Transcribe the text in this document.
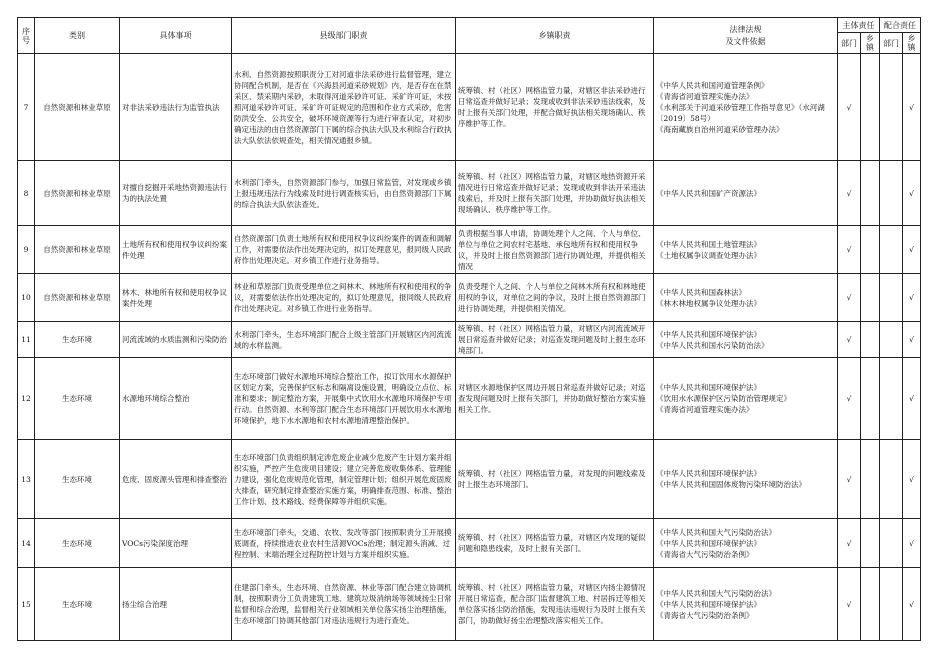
序号	类别	具体事项	县级部门职责	乡镇职责	法律法规
及文件依据	主体责任		配合责任	
						部门	乡镇	部门	乡镇
7	自然资源和林业草原	对非法采砂违法行为监管执法	水利、自然资源按照职责分工对河道非法采砂进行监督管理，建立协同配合机制，是否在《兴海县河道采砂规划》内，是否存在在禁采区、禁采期内采砂，未取得河道采砂许可证、采矿许可证，未按照河道采砂许可证、采矿许可证规定的范围和作业方式采砂，危害防洪安全、公共安全，破坏环境资源等行为进行审查认定，对初步确定违法的由自然资源部门下属的综合执法大队及水利综合行政执法大队依法依规查处，相关情况通报乡镇。	统筹镇、村（社区）网格监管力量，对辖区非法采砂进行日常巡查并做好记录；发现或收到非法采砂违法线索，及时上报有关部门处理，并配合做好执法相关现场确认、秩序维护等工作。	《中华人民共和国河道管理条例》
《青海省河道管理实施办法》
《水利部关于河道采砂管理工作指导意见》（水河湖〔2019〕58号）
《海南藏族自治州河道采砂管理办法》	√			√
8	自然资源和林业草原	对擅自挖掘开采地热资源违法行为的执法处置	水利部门牵头，自然资源部门参与，加强日常监管，对发现或乡镇上报违规违法行为线索及时进行调查核实后，由自然资源部门下属的综合执法大队依法查处。	统筹镇、村（社区）网格监管力量，对辖区地热资源开采情况进行日常巡查并做好记录；发现或收到非法开采违法线索后，并及时上报有关部门处理，并协助做好执法相关现场确认、秩序维护等工作。	《中华人民共和国矿产资源法》	√			√
9	自然资源和林业草原	土地所有权和使用权争议纠纷案件处理	自然资源部门负责土地所有权和使用权争议纠纷案件的调查和调解工作，对需要依法作出处理决定的，拟订处理意见，报同级人民政府作出处理决定。对乡镇工作进行业务指导。	负责根据当事人申请，协调处理个人之间、个人与单位、单位与单位之间农村宅基地、承包地所有权和使用权争议，并及时上报自然资源部门进行协调处理，并提供相关情况	《中华人民共和国土地管理法》
《土地权属争议调查处理办法》	√			√
10	自然资源和林业草原	林木、林地所有权和使用权争议案件处理	林业和草原部门负责受理单位之间林木、林地所有权和使用权的争议，对需要依法作出处理决定的，拟订处理意见，报同级人民政府作出处理决定。对乡镇工作进行业务指导。	负责受理个人之间、个人与单位之间林木所有权和林地使用权的争议，对单位之间的争议，及时上报自然资源部门进行协调处理，并提供相关情况。	《中华人民共和国森林法》
《林木林地权属争议处理办法》	√			√
11	生态环境	河流流域的水质监测和污染防治	水利部门牵头，生态环境部门配合上级主管部门开展辖区内河流流域的水样监测。	统筹镇、村（社区）网格监管力量，对辖区内河流流域开展日常巡查并做好记录；对巡查发现问题及时上报生态环境部门。	《中华人民共和国环境保护法》
《中华人民共和国水污染防治法》	√			√
12	生态环境	水源地环境综合整治	生态环境部门做好水源地环境综合整治工作，拟订饮用水水源保护区划定方案，完善保护区标志和隔离设施设置，明确设立点位、标准和要求；制定整治方案，开展集中式饮用水水源地环境保护专项行动。自然资源、水利等部门配合生态环境部门开展饮用水水源地环境保护，地下水水源地和农村水源地清理整治保护。	对辖区水源地保护区周边开展日常巡查并做好记录；对巡查发现问题及时上报有关部门，并协助做好整治方案实施相关工作。	《中华人民共和国环境保护法》
《饮用水水源保护区污染防治管理规定》
《青海省河道管理实施办法》	√			√
13	生态环境	危废、固废源头管理和排查整治	生态环境部门负责组织制定涉危废企业减少危废产生计划方案并组织实施，严控产生危废项目建设；建立完善危废收集体系、管理能力建设，强化危废规范化管理，制定管理计划；组织开展危废固废大排查，研究制定排查整治实施方案，明确排查范围、标准、整治工作计划、技术路线、经费保障等并组织实施。	统筹镇、村（社区）网格监管力量，对发现的问题线索及时上报生态环境部门。	《中华人民共和国环境保护法》
《中华人民共和国固体废物污染环境防治法》	√			√
14	生态环境	VOCs污染深度治理	生态环境部门牵头，交通、农牧、发改等部门按照职责分工开展摸底调查，持续推进农业农村生活源VOCs治理；制定源头消减、过程控制、末端治理全过程防控计划与方案并组织实施。	统筹镇、村（社区）网格监管力量，对辖区内发现的疑似问题和隐患线索，及时上报有关部门。	《中华人民共和国大气污染防治法》
《中华人民共和国环境保护法》
《青海省大气污染防治条例》	√			√
15	生态环境	扬尘综合治理	住建部门牵头，生态环境、自然资源、林业等部门配合建立协调机制，按照职责分工负责建筑工地、建筑垃圾消纳场等领域扬尘日常监督和综合治理，监督相关行业领域相关单位落实扬尘治理措施，生态环境部门协调其他部门对违法违规行为进行查处。	统筹镇、村（社区）网格监管力量，对辖区内扬尘源情况开展日常巡查，配合部门监督建筑工地、村居拆迁等相关单位落实扬尘防治措施，发现违法违规行为及时上报有关部门，协助做好扬尘治理整改落实相关工作。	《中华人民共和国大气污染防治法》
《中华人民共和国环境保护法》
《青海省大气污染防治条例》	√			√
